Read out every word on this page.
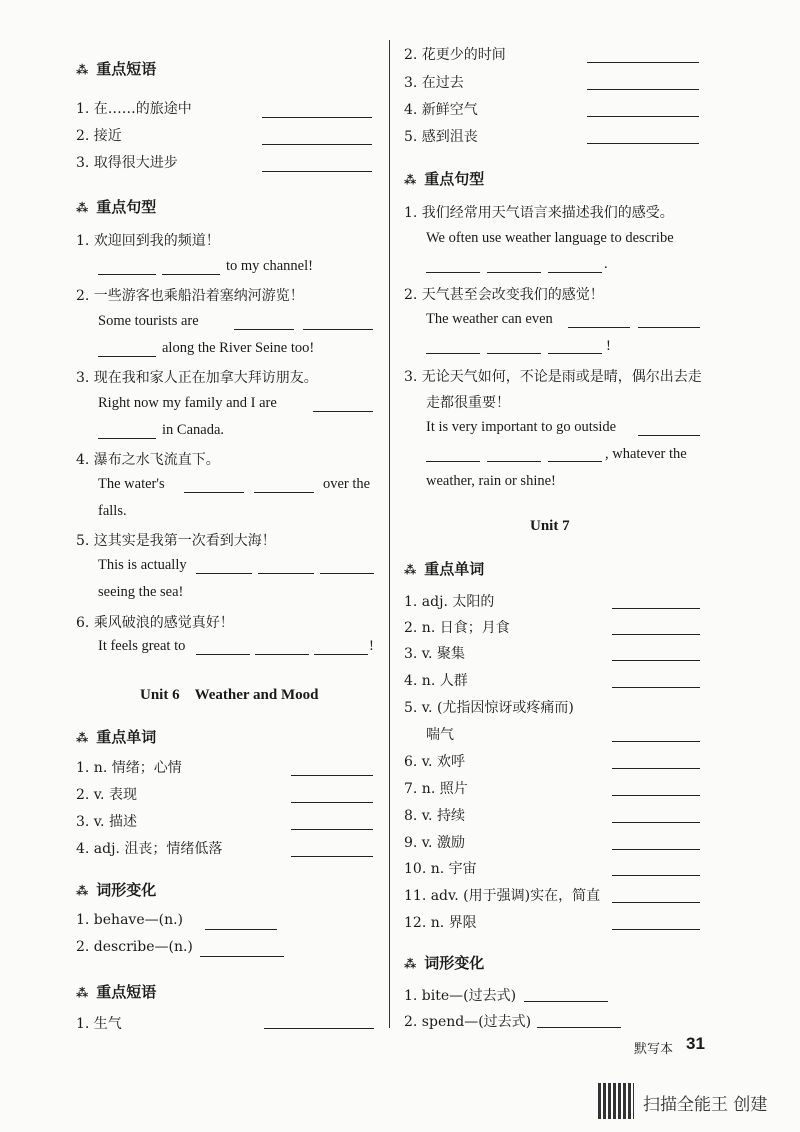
⁂ 重点短语
1. 在……的旅途中
2. 接近
3. 取得很大进步
⁂ 重点句型
1. 欢迎回到我的频道！
to my channel!
2. 一些游客也乘船沿着塞纳河游览！
Some tourists are
along the River Seine too!
3. 现在我和家人正在加拿大拜访朋友。
Right now my family and I are
in Canada.
4. 瀑布之水飞流直下。
The water's	over the
falls.
5. 这其实是我第一次看到大海！
This is actually
seeing the sea!
6. 乘风破浪的感觉真好！
It feels great to	!
Unit 6　Weather and Mood
⁂ 重点单词
1. n. 情绪；心情
2. v. 表现
3. v. 描述
4. adj. 沮丧；情绪低落
⁂ 词形变化
1. behave—(n.)
2. describe—(n.)
⁂ 重点短语
1. 生气
2. 花更少的时间
3. 在过去
4. 新鲜空气
5. 感到沮丧
⁂ 重点句型
1. 我们经常用天气语言来描述我们的感受。
We often use weather language to describe
.
2. 天气甚至会改变我们的感觉！
The weather can even
!
3. 无论天气如何，不论是雨或是晴，偶尔出去走
走都很重要！
It is very important to go outside
, whatever the
weather, rain or shine!
Unit 7
⁂ 重点单词
1. adj. 太阳的
2. n. 日食；月食
3. v. 聚集
4. n. 人群
5. v. (尤指因惊讶或疼痛而)
喘气
6. v. 欢呼
7. n. 照片
8. v. 持续
9. v. 激励
10. n. 宇宙
11. adv. (用于强调)实在，简直
12. n. 界限
⁂ 词形变化
1. bite—(过去式)
2. spend—(过去式)
默写本 31
扫描全能王 创建
